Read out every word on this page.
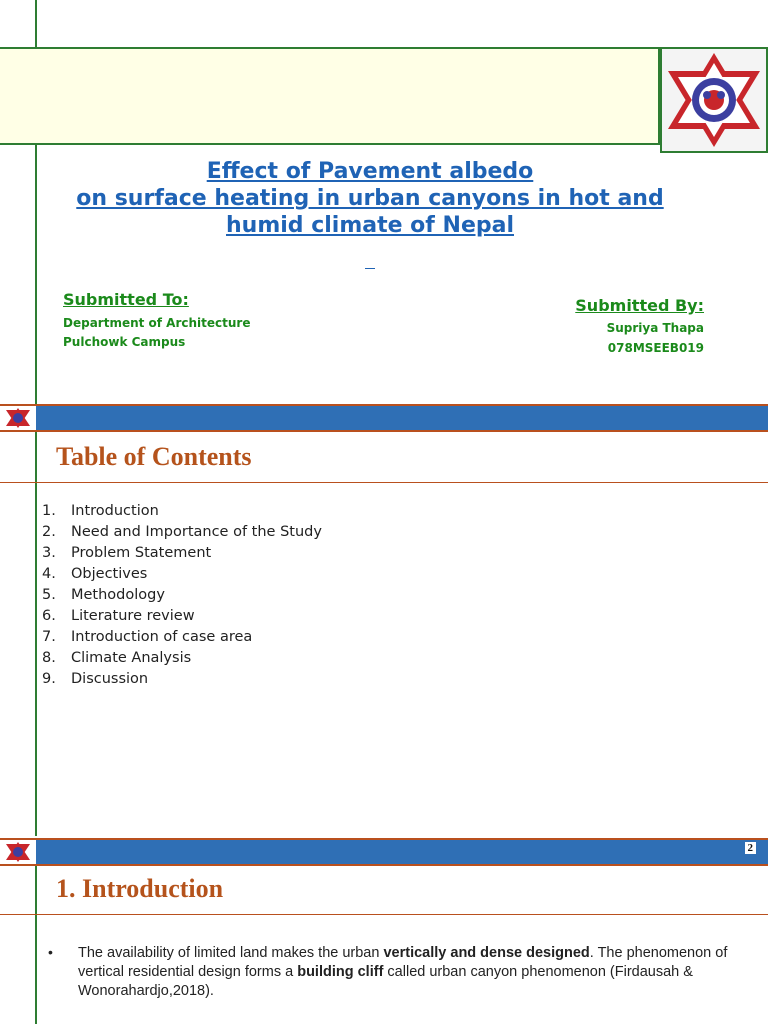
Effect of Pavement albedo
on surface heating in urban canyons in hot and
humid climate of Nepal
Submitted To:
Department of Architecture
Pulchowk Campus
Submitted By:
Supriya Thapa
078MSEEB019
Table of Contents
1. Introduction
2. Need and Importance of the Study
3. Problem Statement
4. Objectives
5. Methodology
6. Literature review
7. Introduction of case area
8. Climate Analysis
9. Discussion
2
1. Introduction
• The availability of limited land makes the urban vertically and dense designed. The phenomenon of vertical residential design forms a building cliff called urban canyon phenomenon (Firdausah & Wonorahardjo,2018).
